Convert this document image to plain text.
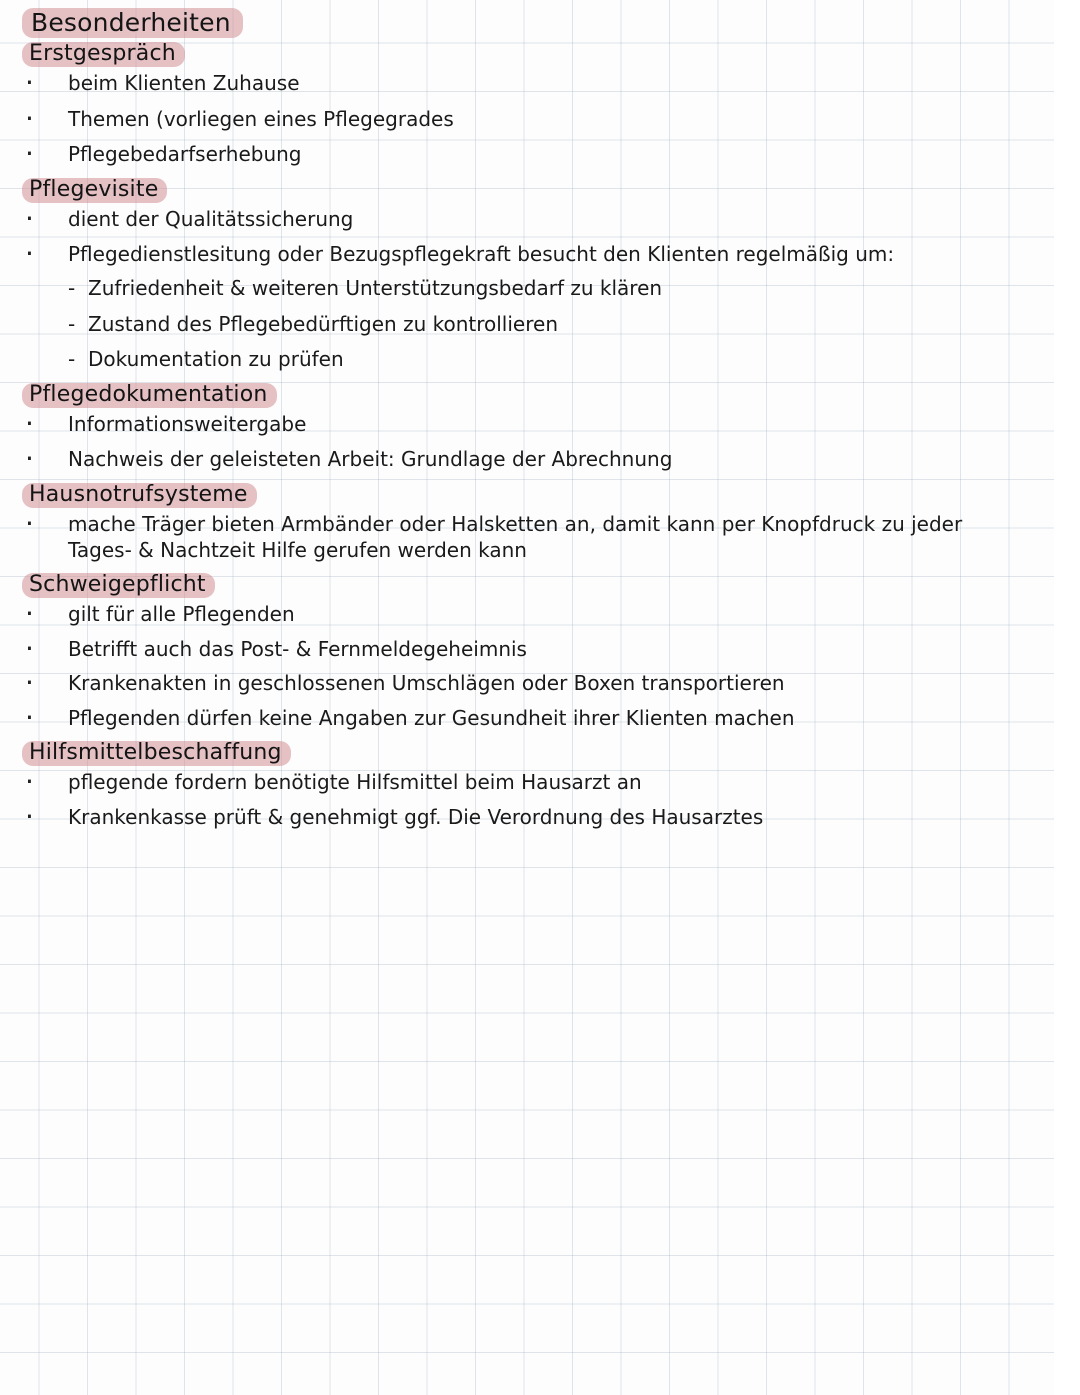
Besonderheiten
Erstgespräch
· beim Klienten Zuhause
· Themen (vorliegen eines Pflegegrades
· Pflegebedarfserhebung
Pflegevisite
· dient der Qualitätssicherung
· Pflegedienstlesitung oder Bezugspflegekraft besucht den Klienten regelmäßig um:
- Zufriedenheit & weiteren Unterstützungsbedarf zu klären
- Zustand des Pflegebedürftigen zu kontrollieren
- Dokumentation zu prüfen
Pflegedokumentation
· Informationsweitergabe
· Nachweis der geleisteten Arbeit: Grundlage der Abrechnung
Hausnotrufsysteme
· mache Träger bieten Armbänder oder Halsketten an, damit kann per Knopfdruck zu jeder Tages- & Nachtzeit Hilfe gerufen werden kann
Schweigepflicht
· gilt für alle Pflegenden
· Betrifft auch das Post- & Fernmeldegeheimnis
· Krankenakten in geschlossenen Umschlägen oder Boxen transportieren
· Pflegenden dürfen keine Angaben zur Gesundheit ihrer Klienten machen
Hilfsmittelbeschaffung
· pflegende fordern benötigte Hilfsmittel beim Hausarzt an
· Krankenkasse prüft & genehmigt ggf. Die Verordnung des Hausarztes
